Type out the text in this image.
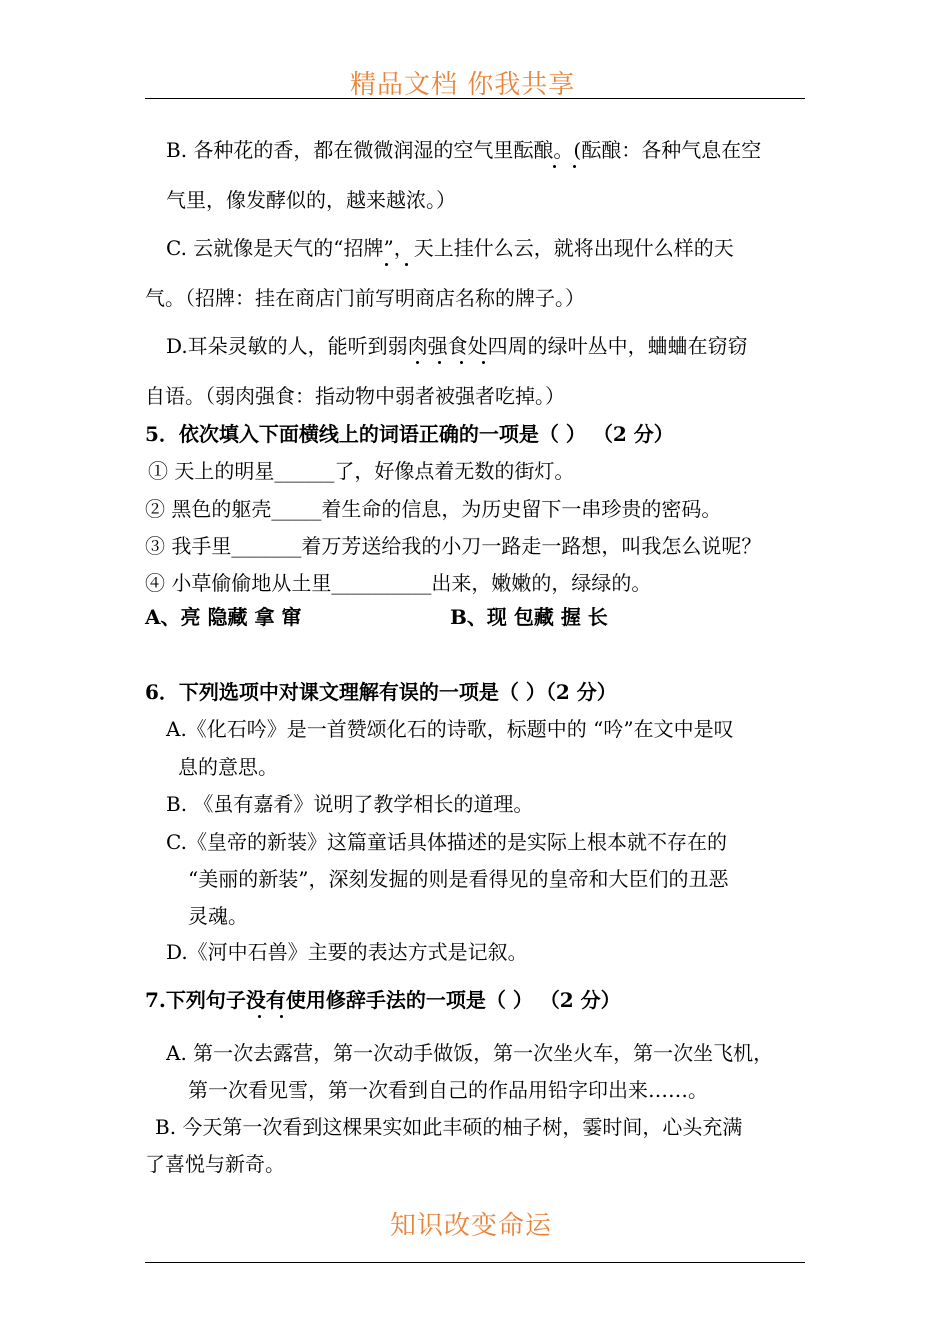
精品文档 你我共享
B. 各种花的香，都在微微润湿的空气里酝酿。(酝酿：各种气息在空
气里，像发酵似的，越来越浓。）
C. 云就像是天气的“招牌”，天上挂什么云，就将出现什么样的天
气。（招牌：挂在商店门前写明商店名称的牌子。）
D.耳朵灵敏的人，能听到弱肉强食处四周的绿叶丛中，蛐蛐在窃窃
自语。（弱肉强食：指动物中弱者被强者吃掉。）
5．依次填入下面横线上的词语正确的一项是（ ） （2 分）
① 天上的明星______了，好像点着无数的街灯。
② 黑色的躯壳_____着生命的信息，为历史留下一串珍贵的密码。
③ 我手里_______着万芳送给我的小刀一路走一路想，叫我怎么说呢？
④ 小草偷偷地从土里__________出来，嫩嫩的，绿绿的。
A、亮 隐藏 拿 窜	B、现 包藏 握 长
6．下列选项中对课文理解有误的一项是（ ）（2 分）
A.《化石吟》是一首赞颂化石的诗歌，标题中的 “吟”在文中是叹
息的意思。
B. 《虽有嘉肴》说明了教学相长的道理。
C.《皇帝的新装》这篇童话具体描述的是实际上根本就不存在的
“美丽的新装”，深刻发掘的则是看得见的皇帝和大臣们的丑恶
灵魂。
D.《河中石兽》主要的表达方式是记叙。
7.下列句子没有使用修辞手法的一项是（ ） （2 分）
A. 第一次去露营，第一次动手做饭，第一次坐火车，第一次坐飞机，
第一次看见雪，第一次看到自己的作品用铅字印出来……。
B. 今天第一次看到这棵果实如此丰硕的柚子树，霎时间，心头充满
了喜悦与新奇。
知识改变命运
